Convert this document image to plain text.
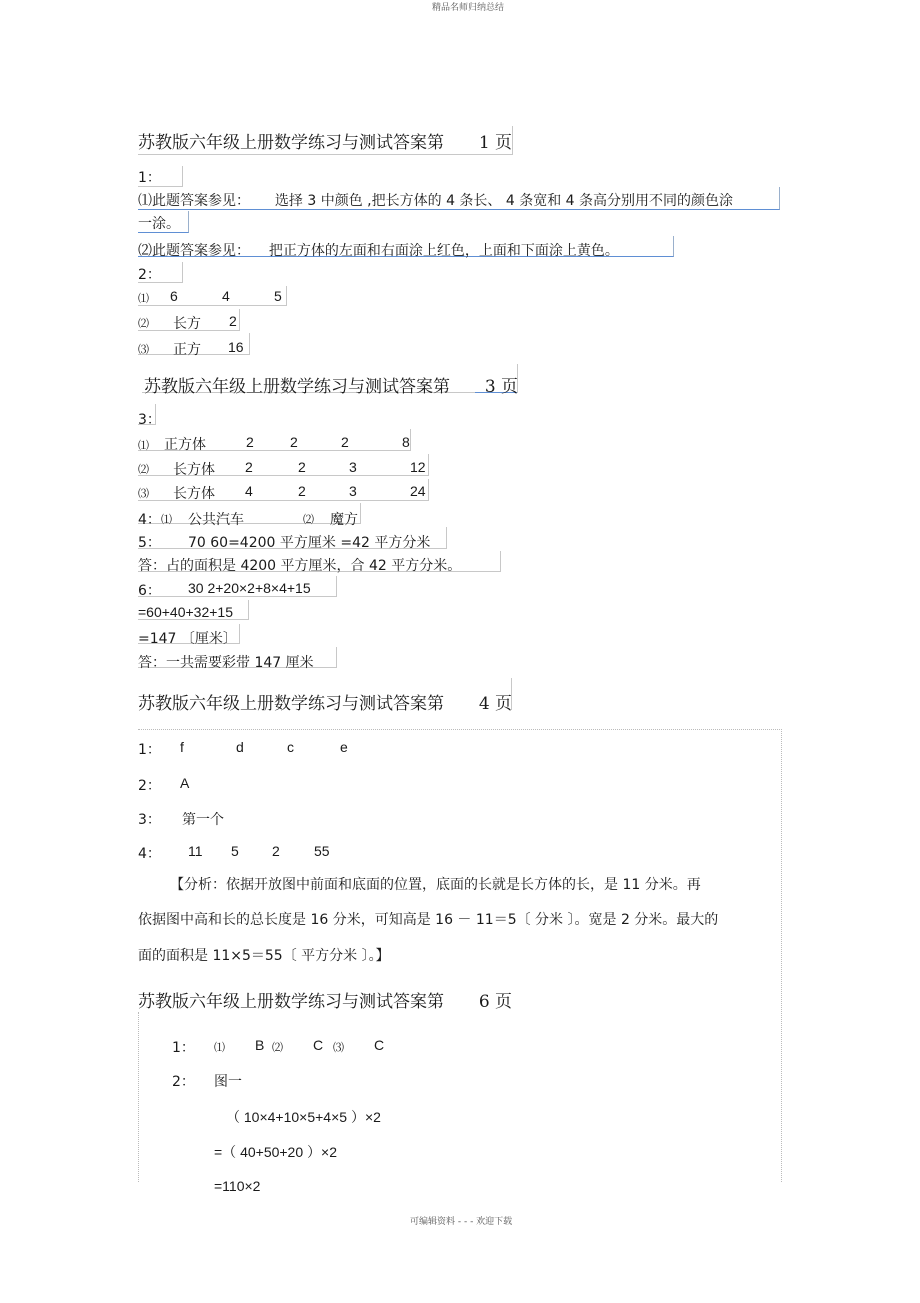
精品名师归纳总结
苏教版六年级上册数学练习与测试答案第 1 页
1：
⑴此题答案参见： 选择 3 中颜色 ,把长方体的 4 条长、 4 条宽和 4 条高分别用不同的颜色涂
一涂。
⑵此题答案参见： 把正方体的左面和右面涂上红色，上面和下面涂上黄色。
2：
⑴ 6	4	5
⑵ 长方 2
⑶ 正方 16
苏教版六年级上册数学练习与测试答案第 3 页
3：
⑴ 正方体	2	2	2	8
⑵ 长方体 2	2	3	12
⑶ 长方体 4	2	3	24
4： ⑴ 公共汽车	⑵ 魔方
5： 70 60=4200 平方厘米 =42 平方分米
答：占的面积是 4200 平方厘米，合 42 平方分米。
6： 30 2+20×2+8×4+15
=60+40+32+15
=147 〔厘米〕
答：一共需要彩带 147 厘米
苏教版六年级上册数学练习与测试答案第 4 页
1： f	d	c	e
2： A
3： 第一个
4： 11 5 2 55
【分析：依据开放图中前面和底面的位置，底面的长就是长方体的长，是 11 分米。再
依据图中高和长的总长度是 16 分米，可知高是 16 － 11＝5〔 分米 〕。宽是 2 分米。最大的
面的面积是 11×5＝55〔 平方分米 〕。】
苏教版六年级上册数学练习与测试答案第 6 页
1： ⑴ B ⑵ C ⑶ C
2： 图一
（ 10×4+10×5+4×5 ）×2
=（ 40+50+20 ）×2
=110×2
可编辑资料 - - - 欢迎下载
